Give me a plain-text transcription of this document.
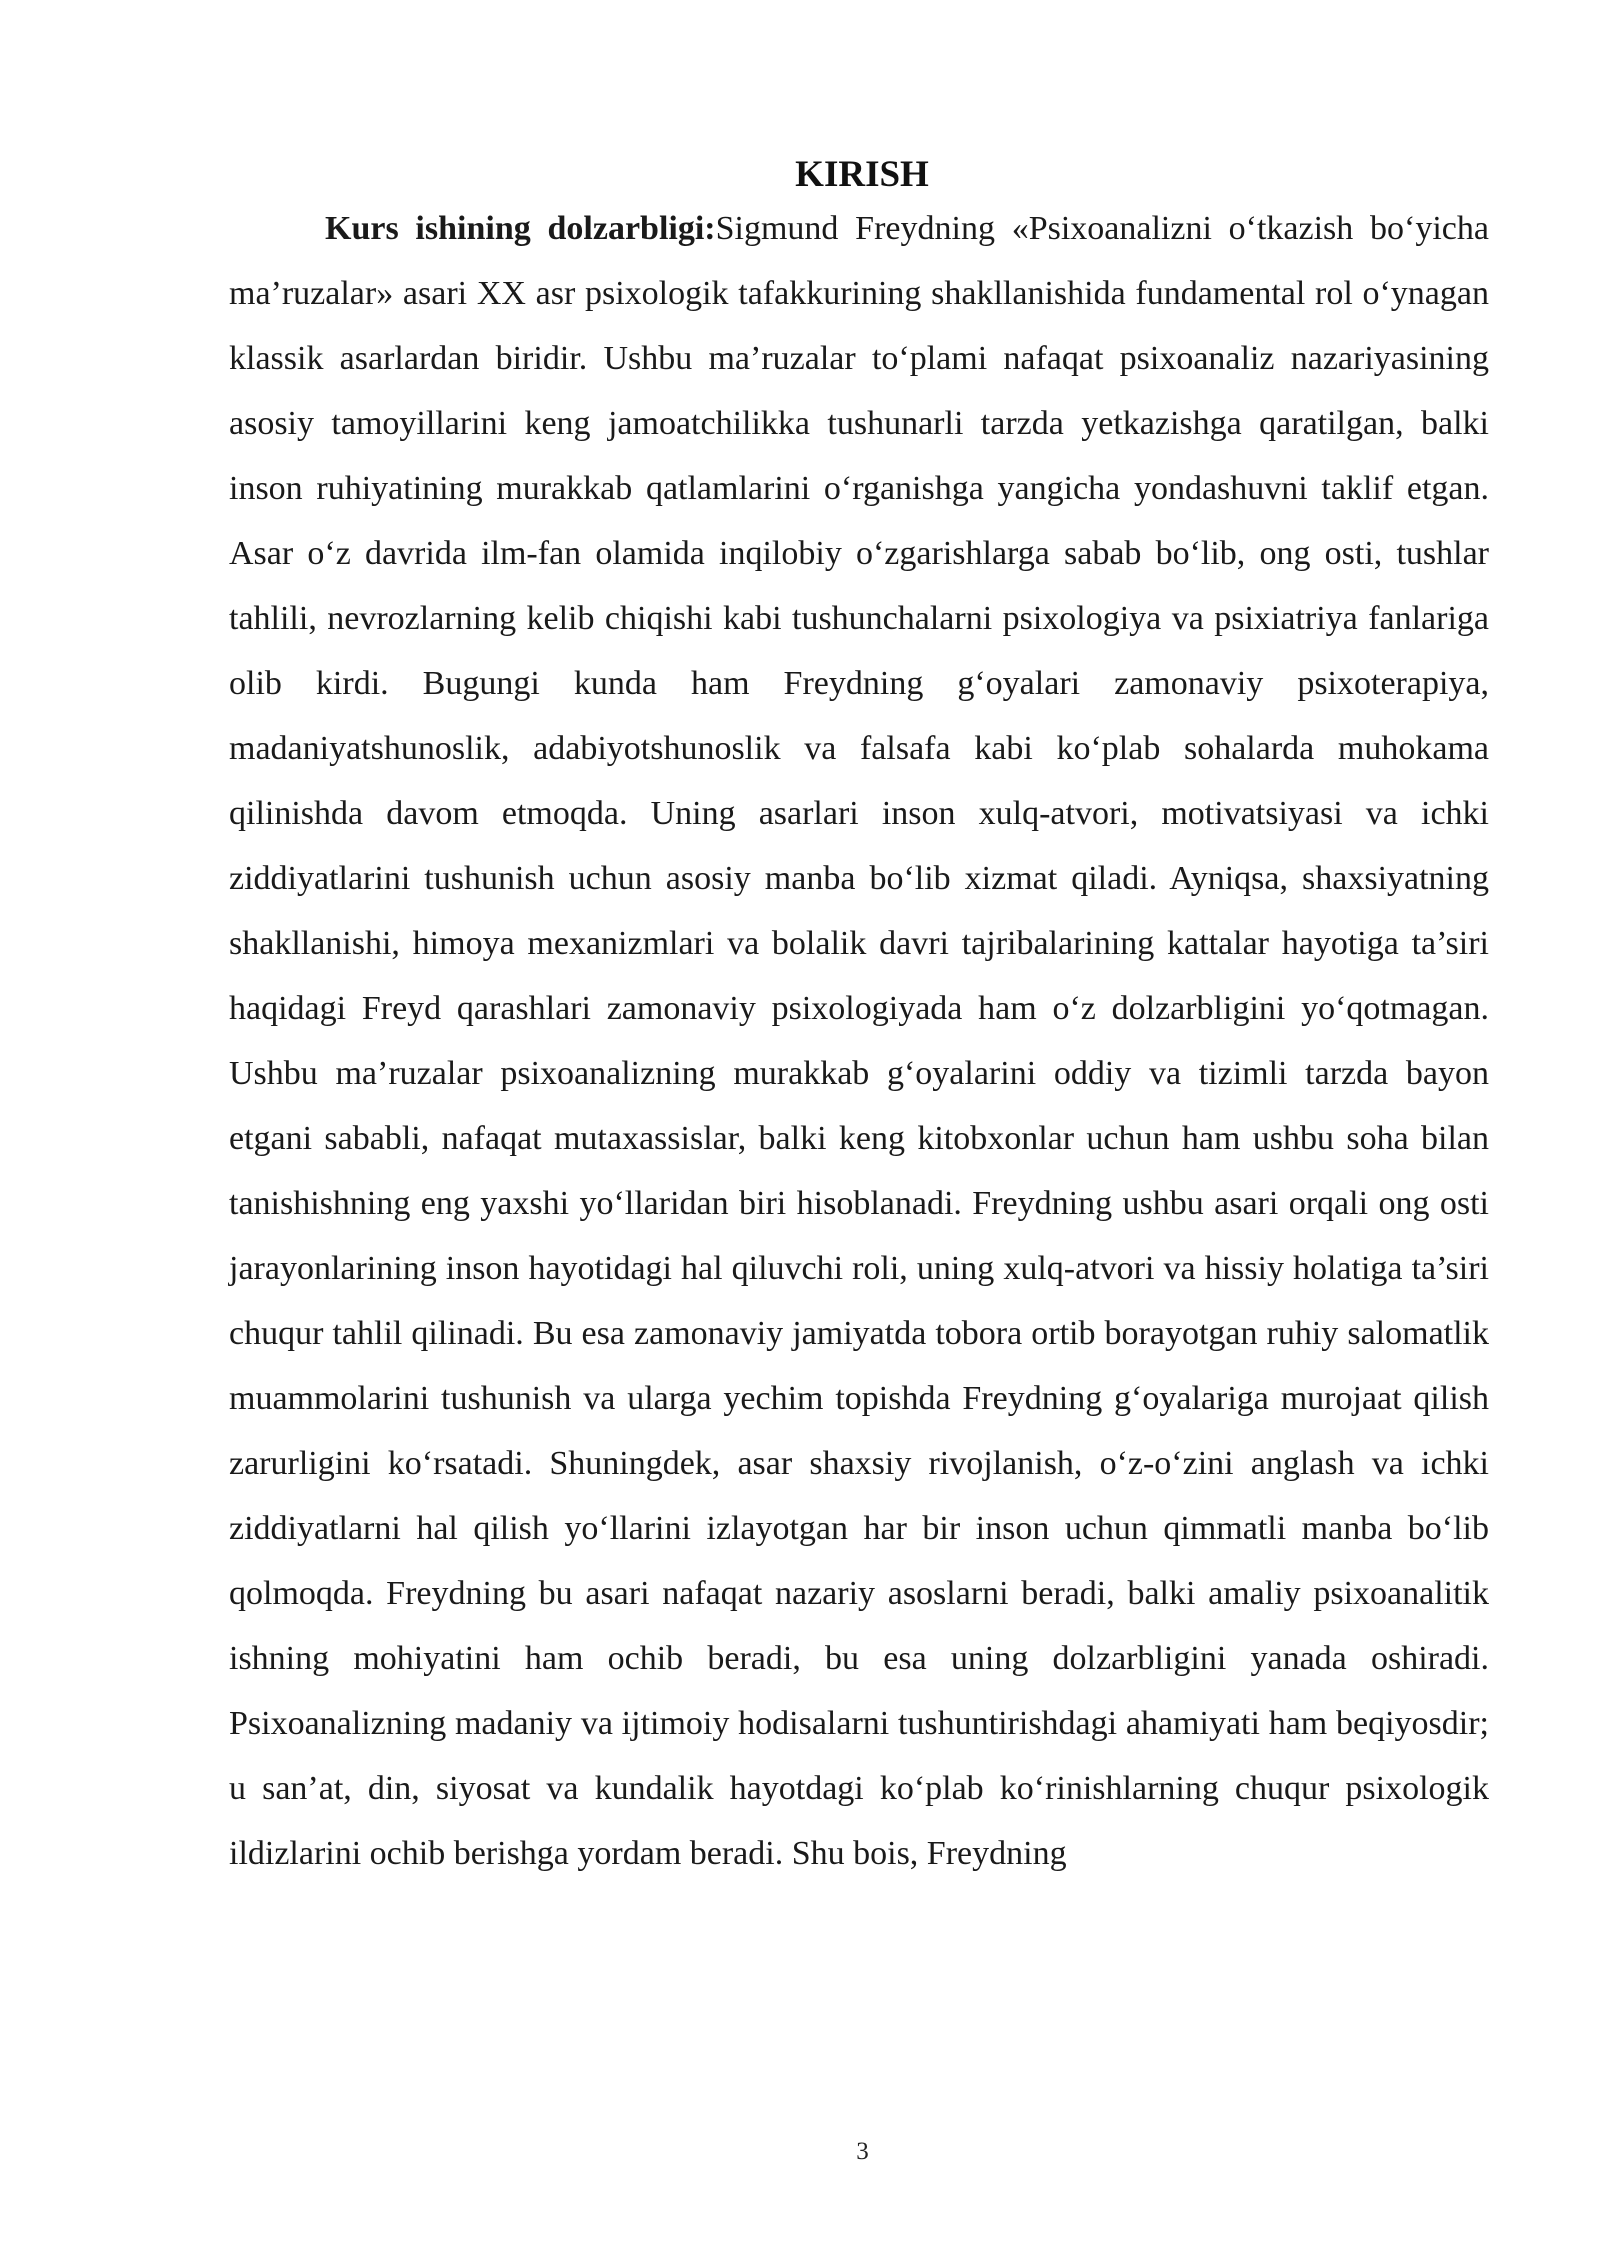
KIRISH

Kurs ishining dolzarbligi:Sigmund Freydning «Psixoanalizni o‘tkazish bo‘yicha ma’ruzalar» asari XX asr psixologik tafakkurining shakllanishida fundamental rol o‘ynagan klassik asarlardan biridir. Ushbu ma’ruzalar to‘plami nafaqat psixoanaliz nazariyasining asosiy tamoyillarini keng jamoatchilikka tushunarli tarzda yetkazishga qaratilgan, balki inson ruhiyatining murakkab qatlamlarini o‘rganishga yangicha yondashuvni taklif etgan. Asar o‘z davrida ilm-fan olamida inqilobiy o‘zgarishlarga sabab bo‘lib, ong osti, tushlar tahlili, nevrozlarning kelib chiqishi kabi tushunchalarni psixologiya va psixiatriya fanlariga olib kirdi. Bugungi kunda ham Freydning g‘oyalari zamonaviy psixoterapiya, madaniyatshunoslik, adabiyotshunoslik va falsafa kabi ko‘plab sohalarda muhokama qilinishda davom etmoqda. Uning asarlari inson xulq-atvori, motivatsiyasi va ichki ziddiyatlarini tushunish uchun asosiy manba bo‘lib xizmat qiladi. Ayniqsa, shaxsiyatning shakllanishi, himoya mexanizmlari va bolalik davri tajribalarining kattalar hayotiga ta’siri haqidagi Freyd qarashlari zamonaviy psixologiyada ham o‘z dolzarbligini yo‘qotmagan. Ushbu ma’ruzalar psixoanalizning murakkab g‘oyalarini oddiy va tizimli tarzda bayon etgani sababli, nafaqat mutaxassislar, balki keng kitobxonlar uchun ham ushbu soha bilan tanishishning eng yaxshi yo‘llaridan biri hisoblanadi. Freydning ushbu asari orqali ong osti jarayonlarining inson hayotidagi hal qiluvchi roli, uning xulq-atvori va hissiy holatiga ta’siri chuqur tahlil qilinadi. Bu esa zamonaviy jamiyatda tobora ortib borayotgan ruhiy salomatlik muammolarini tushunish va ularga yechim topishda Freydning g‘oyalariga murojaat qilish zarurligini ko‘rsatadi. Shuningdek, asar shaxsiy rivojlanish, o‘z-o‘zini anglash va ichki ziddiyatlarni hal qilish yo‘llarini izlayotgan har bir inson uchun qimmatli manba bo‘lib qolmoqda. Freydning bu asari nafaqat nazariy asoslarni beradi, balki amaliy psixoanalitik ishning mohiyatini ham ochib beradi, bu esa uning dolzarbligini yanada oshiradi. Psixoanalizning madaniy va ijtimoiy hodisalarni tushuntirishdagi ahamiyati ham beqiyosdir; u san’at, din, siyosat va kundalik hayotdagi ko‘plab ko‘rinishlarning chuqur psixologik ildizlarini ochib berishga yordam beradi. Shu bois, Freydning

3
